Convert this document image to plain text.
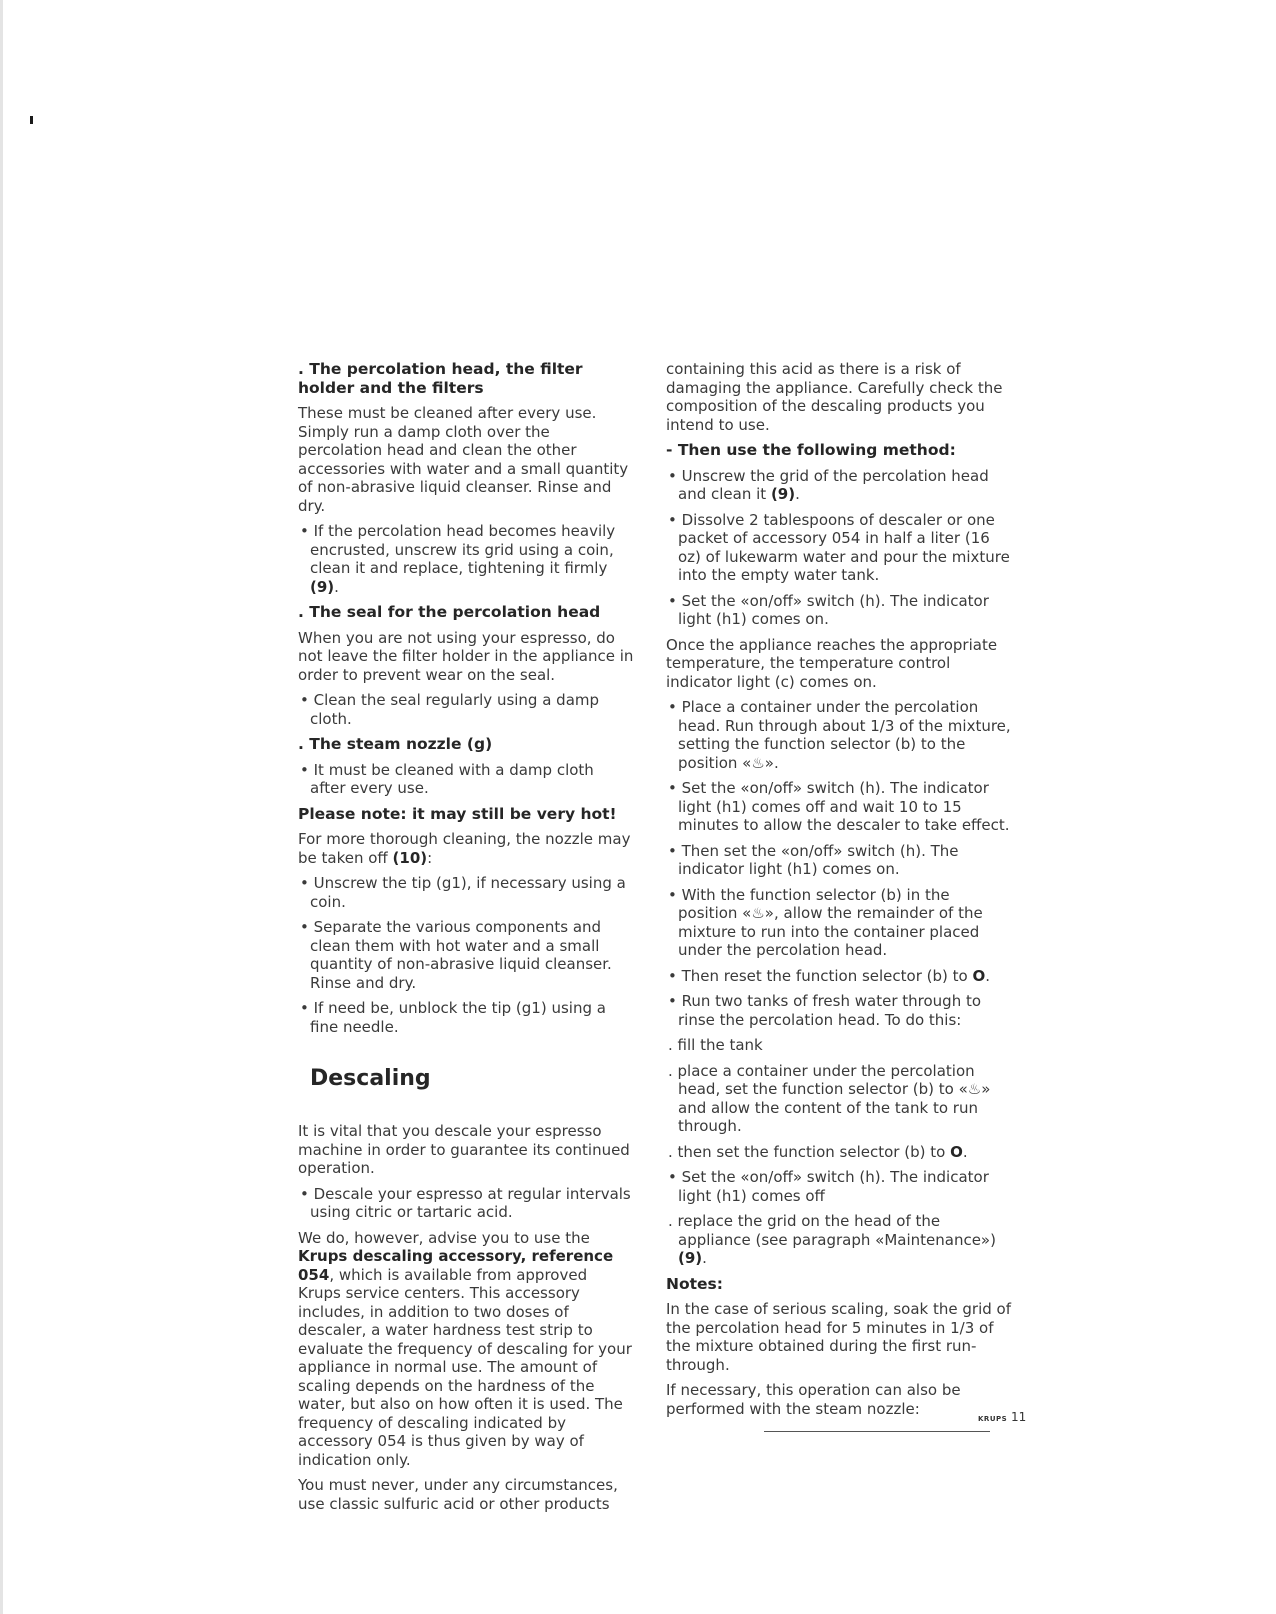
. The percolation head, the filter holder and the filters

These must be cleaned after every use. Simply run a damp cloth over the percolation head and clean the other accessories with water and a small quantity of non-abrasive liquid cleanser. Rinse and dry.

• If the percolation head becomes heavily encrusted, unscrew its grid using a coin, clean it and replace, tightening it firmly (9).

. The seal for the percolation head

When you are not using your espresso, do not leave the filter holder in the appliance in order to prevent wear on the seal.

• Clean the seal regularly using a damp cloth.

. The steam nozzle (g)

• It must be cleaned with a damp cloth after every use.

Please note: it may still be very hot!

For more thorough cleaning, the nozzle may be taken off (10):

• Unscrew the tip (g1), if necessary using a coin.

• Separate the various components and clean them with hot water and a small quantity of non-abrasive liquid cleanser. Rinse and dry.

• If need be, unblock the tip (g1) using a fine needle.

Descaling

It is vital that you descale your espresso machine in order to guarantee its continued operation.

• Descale your espresso at regular intervals using citric or tartaric acid.

We do, however, advise you to use the Krups descaling accessory, reference 054, which is available from approved Krups service centers. This accessory includes, in addition to two doses of descaler, a water hardness test strip to evaluate the frequency of descaling for your appliance in normal use. The amount of scaling depends on the hardness of the water, but also on how often it is used. The frequency of descaling indicated by accessory 054 is thus given by way of indication only.

You must never, under any circumstances, use classic sulfuric acid or other products

containing this acid as there is a risk of damaging the appliance. Carefully check the composition of the descaling products you intend to use.

- Then use the following method:

• Unscrew the grid of the percolation head and clean it (9).

• Dissolve 2 tablespoons of descaler or one packet of accessory 054 in half a liter (16 oz) of lukewarm water and pour the mixture into the empty water tank.

• Set the «on/off» switch (h). The indicator light (h1) comes on.

Once the appliance reaches the appropriate temperature, the temperature control indicator light (c) comes on.

• Place a container under the percolation head. Run through about 1/3 of the mixture, setting the function selector (b) to the position «♨».

• Set the «on/off» switch (h). The indicator light (h1) comes off and wait 10 to 15 minutes to allow the descaler to take effect.

• Then set the «on/off» switch (h). The indicator light (h1) comes on.

• With the function selector (b) in the position «♨», allow the remainder of the mixture to run into the container placed under the percolation head.

• Then reset the function selector (b) to O.

• Run two tanks of fresh water through to rinse the percolation head. To do this:

. fill the tank

. place a container under the percolation head, set the function selector (b) to «♨» and allow the content of the tank to run through.

. then set the function selector (b) to O.

• Set the «on/off» switch (h). The indicator light (h1) comes off

. replace the grid on the head of the appliance (see paragraph «Maintenance») (9).

Notes:

In the case of serious scaling, soak the grid of the percolation head for 5 minutes in 1/3 of the mixture obtained during the first run-through.

If necessary, this operation can also be performed with the steam nozzle:

KRUPS 11
